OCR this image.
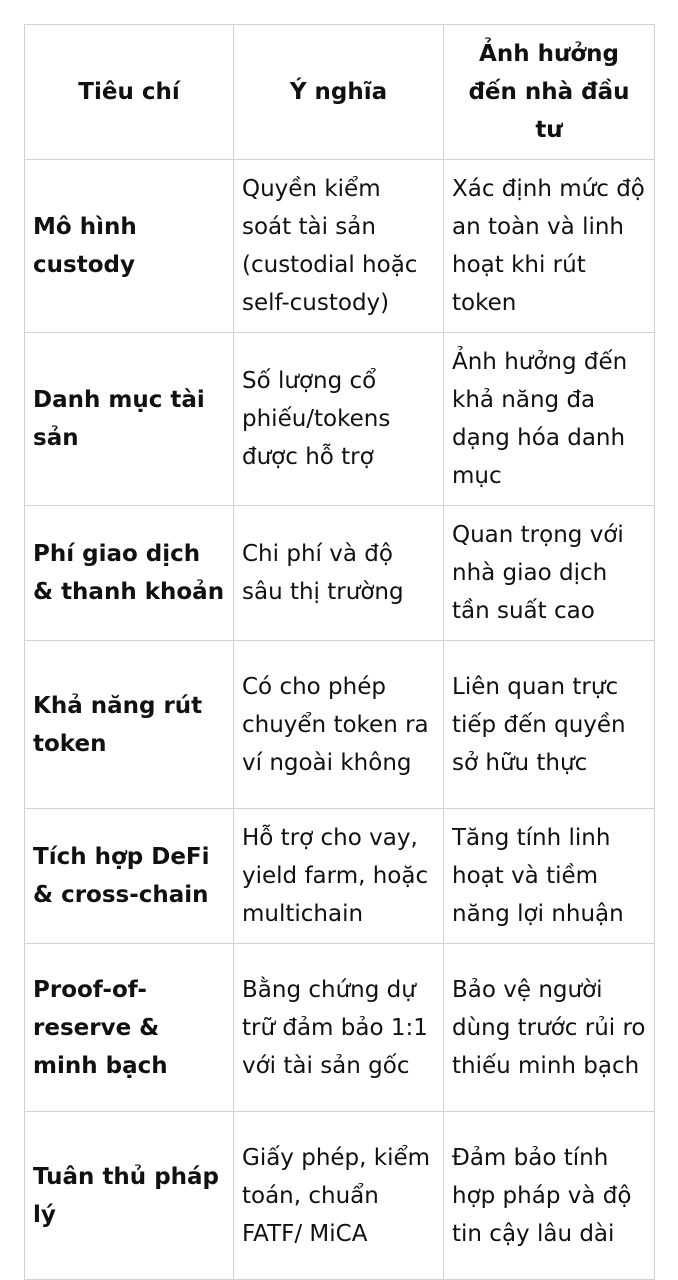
Tiêu chí	Ý nghĩa	Ảnh hưởng đến nhà đầu tư
Mô hình custody	Quyền kiểm soát tài sản (custodial hoặc self-custody)	Xác định mức độ an toàn và linh hoạt khi rút token
Danh mục tài sản	Số lượng cổ phiếu/tokens được hỗ trợ	Ảnh hưởng đến khả năng đa dạng hóa danh mục
Phí giao dịch & thanh khoản	Chi phí và độ sâu thị trường	Quan trọng với nhà giao dịch tần suất cao
Khả năng rút token	Có cho phép chuyển token ra ví ngoài không	Liên quan trực tiếp đến quyền sở hữu thực
Tích hợp DeFi & cross-chain	Hỗ trợ cho vay, yield farm, hoặc multichain	Tăng tính linh hoạt và tiềm năng lợi nhuận
Proof-of-reserve & minh bạch	Bằng chứng dự trữ đảm bảo 1:1 với tài sản gốc	Bảo vệ người dùng trước rủi ro thiếu minh bạch
Tuân thủ pháp lý	Giấy phép, kiểm toán, chuẩn FATF/ MiCA	Đảm bảo tính hợp pháp và độ tin cậy lâu dài
